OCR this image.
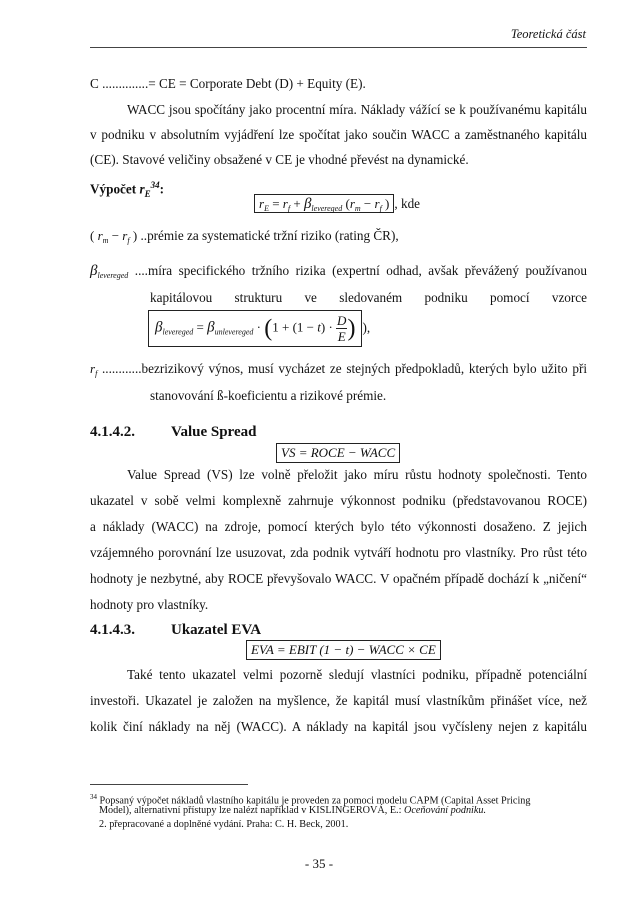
Teoretická část
C ..............= CE = Corporate Debt (D) + Equity (E).
WACC jsou spočítány jako procentní míra. Náklady vážící se k používanému kapitálu
v podniku v absolutním vyjádření lze spočítat jako součin WACC a zaměstnaného kapitálu
(CE). Stavové veličiny obsažené v CE je vhodné převést na dynamické.
Výpočet $r_E^{34}$:
$r_E = r_f + \beta_{levereged}$ ($r_m - r_f$ ) , kde
( $r_m - r_f$ ) ..prémie za systematické tržní riziko (rating ČR),
$\beta_{levereged}$ ....míra specifického tržního rizika (expertní odhad, avšak převážený používanou
kapitálovou strukturu ve sledovaném podniku pomocí vzorce
$\beta_{levereged} = \beta_{unlevereged} \cdot (1 + (1 - t) \cdot \frac{D}{E}$ ) ),
$r_f$ ............bezrizikový výnos, musí vycházet ze stejných předpokladů, kterých bylo užito při
stanovování ß-koeficientu a rizikové prémie.
4.1.4.2. Value Spread
VS = ROCE − WACC
Value Spread (VS) lze volně přeložit jako míru růstu hodnoty společnosti. Tento
ukazatel v sobě velmi komplexně zahrnuje výkonnost podniku (představovanou ROCE)
a náklady (WACC) na zdroje, pomocí kterých bylo této výkonnosti dosaženo. Z jejich
vzájemného porovnání lze usuzovat, zda podnik vytváří hodnotu pro vlastníky. Pro růst této
hodnoty je nezbytné, aby ROCE převyšovalo WACC. V opačném případě dochází k „ničení“
hodnoty pro vlastníky.
4.1.4.3. Ukazatel EVA
EVA = EBIT (1 − t) − WACC × CE
Také tento ukazatel velmi pozorně sledují vlastníci podniku, případně potenciální
investoři. Ukazatel je založen na myšlence, že kapitál musí vlastníkům přinášet více, než
kolik činí náklady na něj (WACC). A náklady na kapitál jsou vyčísleny nejen z kapitálu
$^{34}$ Popsaný výpočet nákladů vlastního kapitálu je proveden za pomoci modelu CAPM (Capital Asset Pricing
Model), alternativní přístupy lze nalézt například v KISLINGEROVÁ, E.: Oceňování podniku.
2. přepracované a doplněné vydání. Praha: C. H. Beck, 2001.
- 35 -
